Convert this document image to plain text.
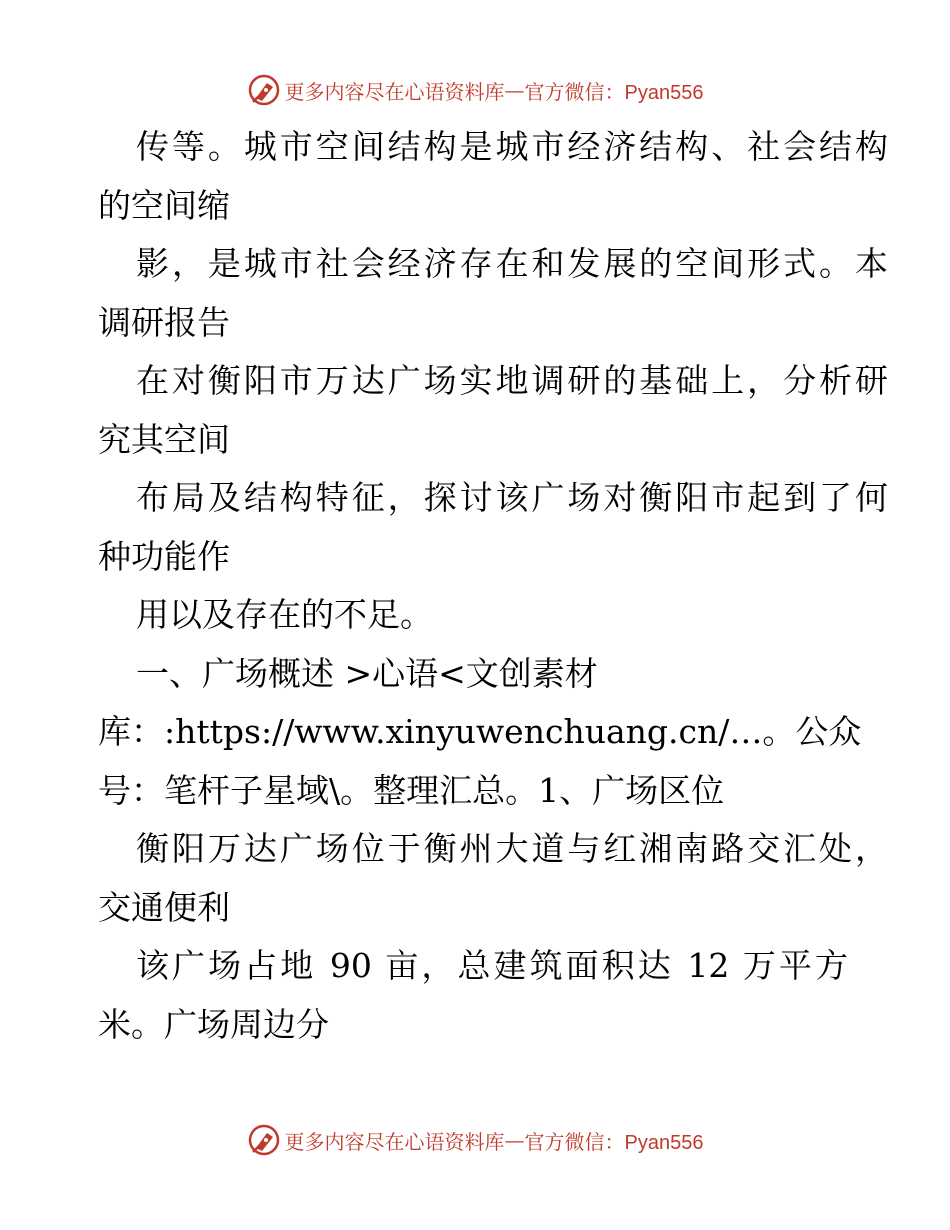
更多内容尽在心语资料库 — 官方微信：Pyan556
传等。城市空间结构是城市经济结构、社会结构
的空间缩
影，是城市社会经济存在和发展的空间形式。本
调研报告
在对衡阳市万达广场实地调研的基础上，分析研
究其空间
布局及结构特征，探讨该广场对衡阳市起到了何
种功能作
用以及存在的不足。
一、广场概述 >心语<文创素材
库：:https://www.xinyuwenchuang.cn/…。公众
号：笔杆子星域\。整理汇总。1、广场区位
衡阳万达广场位于衡州大道与红湘南路交汇处，
交通便利
该广场占地 90 亩，总建筑面积达 12 万平方
米。广场周边分
更多内容尽在心语资料库 — 官方微信：Pyan556
